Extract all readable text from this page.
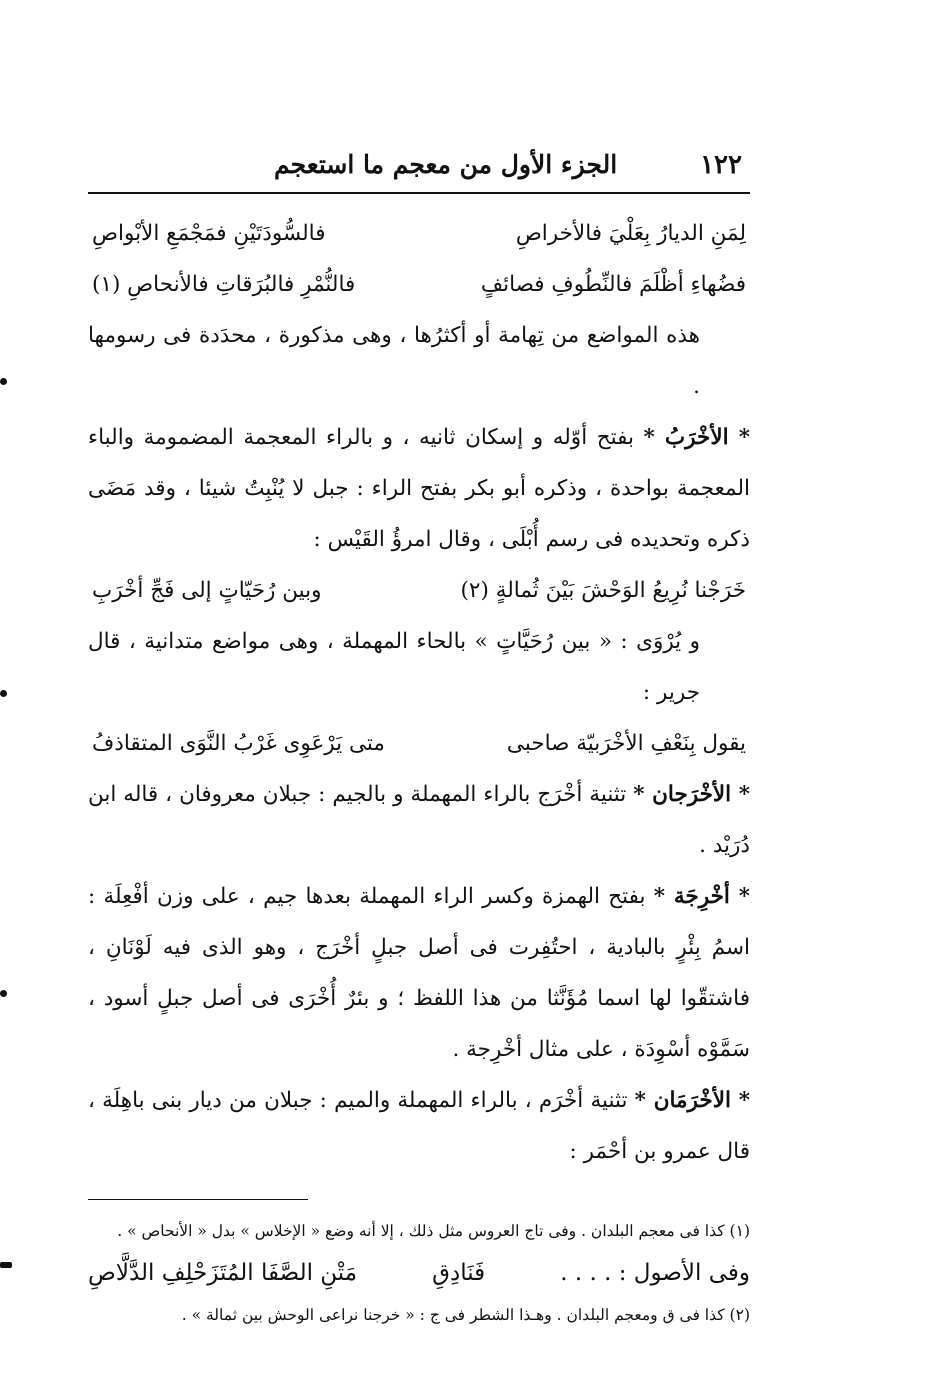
١٢٢
الجزء الأول من معجم ما استعجم
لِمَنِ الديارُ بِعَلْيَ فالأخراصِ
فالسُّودَتَيْنِ فمَجْمَعِ الأبْواصِ
فضُهاءِ أظْلَمَ فالنِّطُوفِ فصائفٍ
فالنُّمْرِ فالبُرَقاتِ فالأنحاصِ (١)
هذه المواضع من تِهامة أو أكثرُها ، وهى مذكورة ، محدَدة فى رسومها .
* الأخْرَبُ * بفتح أوّله و إسكان ثانيه ، و بالراء المعجمة المضمومة والباء المعجمة بواحدة ، وذكره أبو بكر بفتح الراء : جبل لا يُنْبِتُ شيئا ، وقد مَضَى ذكره وتحديده فى رسم أُبْلَى ، وقال امرؤُ القَيْس :
خَرَجْنا نُرِيعُ الوَحْشَ بَيْنَ ثُمالةٍ (٢)
وبين رُحَيّاتٍ إلى فَجِّ أخْرَبِ
و يُرْوَى : « بين رُحَيَّاتٍ » بالحاء المهملة ، وهى مواضع متدانية ، قال جرير :
يقول بِنَعْفِ الأخْرَبيّة صاحبى
متى يَرْعَوِى غَرْبُ النَّوَى المتقاذفُ
* الأخْرَجان * تثنية أخْرَج بالراء المهملة و بالجيم : جبلان معروفان ، قاله ابن دُرَيْد .
* أخْرِجَة * بفتح الهمزة وكسر الراء المهملة بعدها جيم ، على وزن أفْعِلَة : اسمُ بِئْرٍ بالبادية ، احتُفِرت فى أصل جبلٍ أخْرَج ، وهو الذى فيه لَوْنَانِ ، فاشتقّوا لها اسما مُؤَنَّثا من هذا اللفظ ؛ و بئرٌ أُخْرَى فى أصل جبلٍ أسود ، سَمَّوْه أسْوِدَة ، على مثال أخْرِجة .
* الأخْرَمَان * تثنية أخْرَم ، بالراء المهملة والميم : جبلان من ديار بنى باهِلَة ، قال عمرو بن أحْمَر :
(١) كذا فى معجم البلدان . وفى تاج العروس مثل ذلك ، إلا أنه وضع « الإخلاس » بدل « الأنحاص » .
وفى الأصول : . . . .
فَنَادِقِ
مَتْنِ الصَّفَا المُتَزَحْلِفِ الدَّلَّاصِ
(٢) كذا فى ق ومعجم البلدان . وهـذا الشطر فى ج : « خرجنا نراعى الوحش بين ثمالة » .
